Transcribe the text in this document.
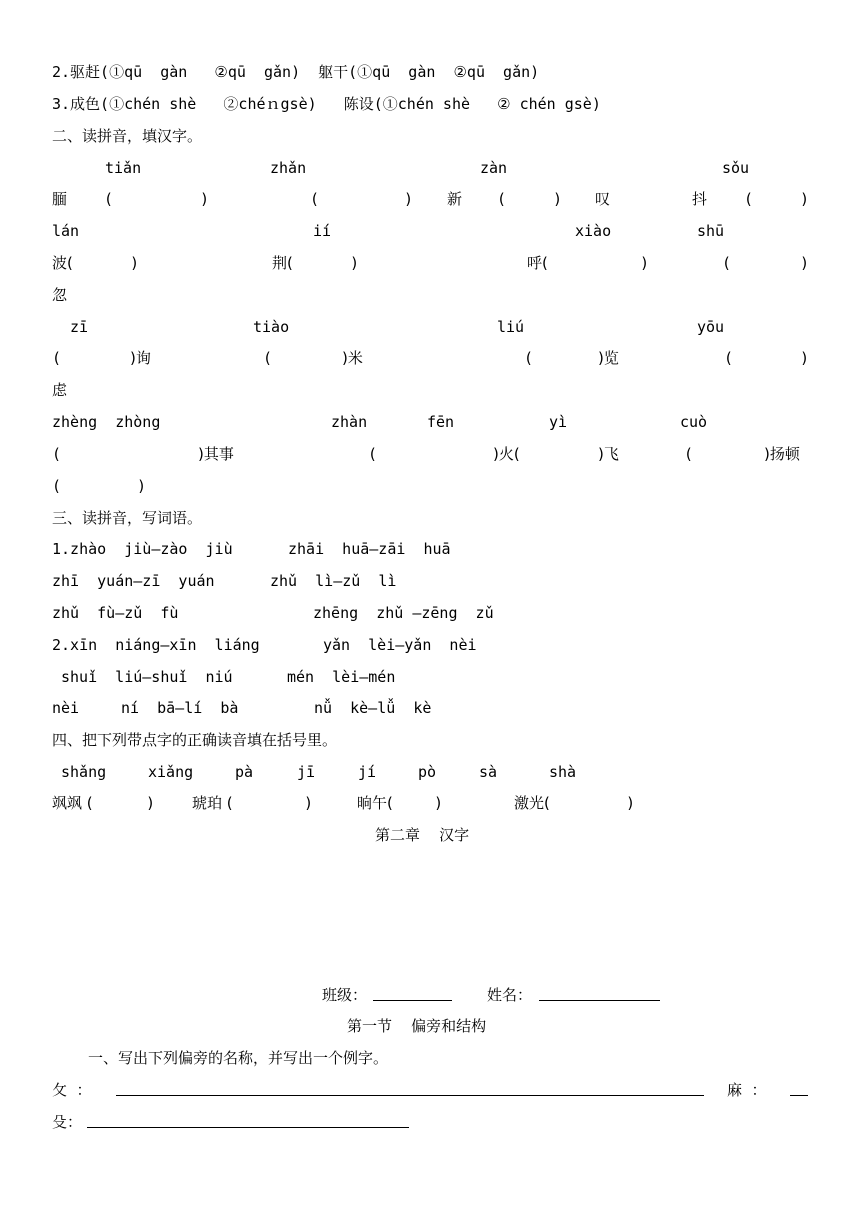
2.驱赶(①qū  gàn   ②qū  gǎn)  躯干(①qū  gàn  ②qū  gǎn)
3.成色(①chén shè   ②chéｎgsè)   陈设(①chén shè   ② chén gsè)
二、读拼音，填汉字。
tiǎn	zhǎn	zàn	sǒu
腼 (	)	(	) 新 (	) 叹	抖 (	)
lán	ií	xiào	shū
波(	)	荆(	)	呼(	)	(	)
忽
zī	tiào	liú	yōu
(	)询	(	)米	(	)览	(	)
虑
zhèng  zhòng	zhàn	fēn	yì	cuò
(	)其事	(	)火(	)飞	(	)扬顿
(	)
三、读拼音，写词语。
1.zhào  jiù—zào  jiù	zhāi  huā—zāi  huā
zhī  yuán—zī  yuán	zhǔ  lì—zǔ  lì
zhǔ  fù—zǔ  fù	zhēng  zhǔ —zēng  zǔ
2.xīn  niáng—xīn  liáng	yǎn  lèi—yǎn  nèi
shuǐ  liú—shuǐ  niú	mén  lèi—mén
nèi	ní  bā—lí  bà	nǚ  kè—lǚ  kè
四、把下列带点字的正确读音填在括号里。
shǎng	xiǎng	pà	jī	jí	pò	sà	shà
飒飒 (	) 琥珀 (	)	晌午(	)	激光(	)
第二章    汉字
班级：	姓名：
第一节    偏旁和结构
一、写出下列偏旁的名称，并写出一个例字。
攵  ：	麻  ：
殳：
